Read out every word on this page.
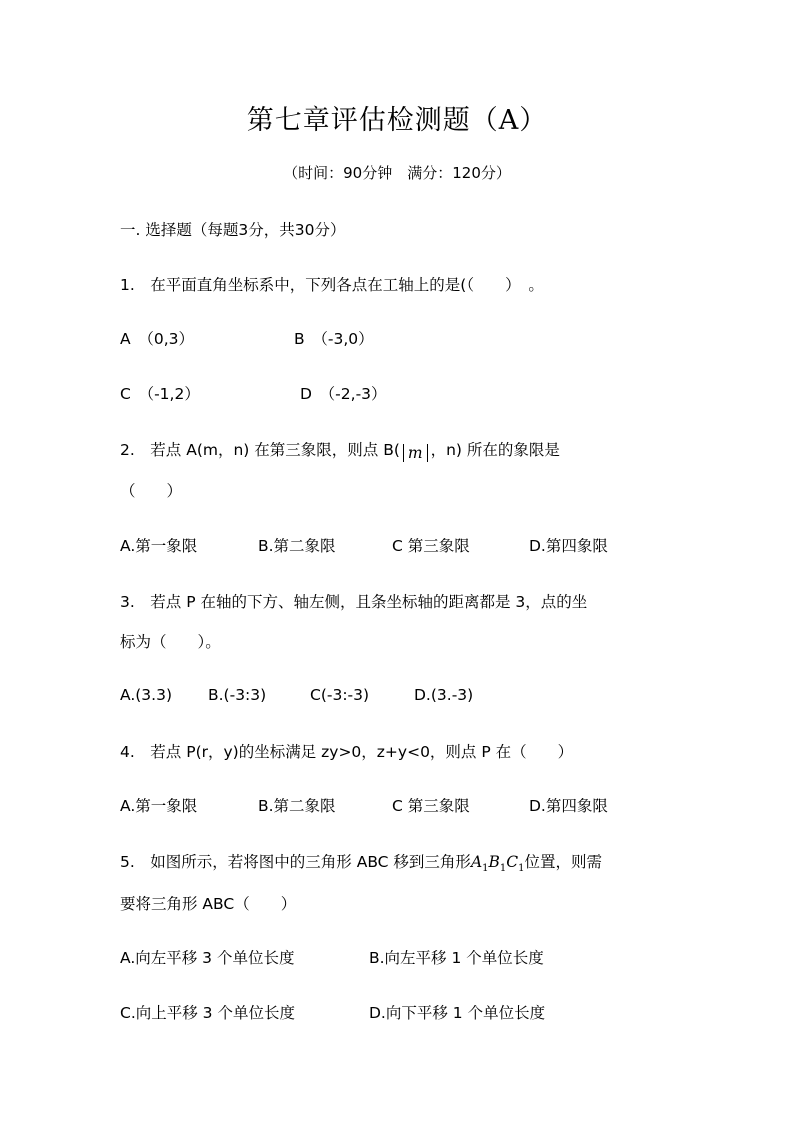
第七章评估检测题（A）
（时间：90分钟　满分：120分）
一. 选择题（每题3分，共30分）
1.　在平面直角坐标系中，下列各点在工轴上的是(（　　）　。
A　（0,3）	B　（-3,0）
C　（-1,2）	D　（-2,-3）
2.　若点 A(m，n) 在第三象限，则点 B( m ，n) 所在的象限是
（　　）
A.第一象限	B.第二象限	C 第三象限	D.第四象限
3.　若点 P 在轴的下方、轴左侧，且条坐标轴的距离都是 3，点的坐
标为（　　）。
A.(3.3) B.(-3:3)	C(-3:-3)	D.(3.-3)
4.　若点 P(r，y)的坐标满足 zy>0，z+y<0，则点 P 在（　　）
A.第一象限	B.第二象限	C 第三象限	D.第四象限
5.　如图所示，若将图中的三角形 ABC 移到三角形$A_1B_1C_1$位置，则需
要将三角形 ABC（　　）
A.向左平移 3 个单位长度	B.向左平移 1 个单位长度
C.向上平移 3 个单位长度	D.向下平移 1 个单位长度
